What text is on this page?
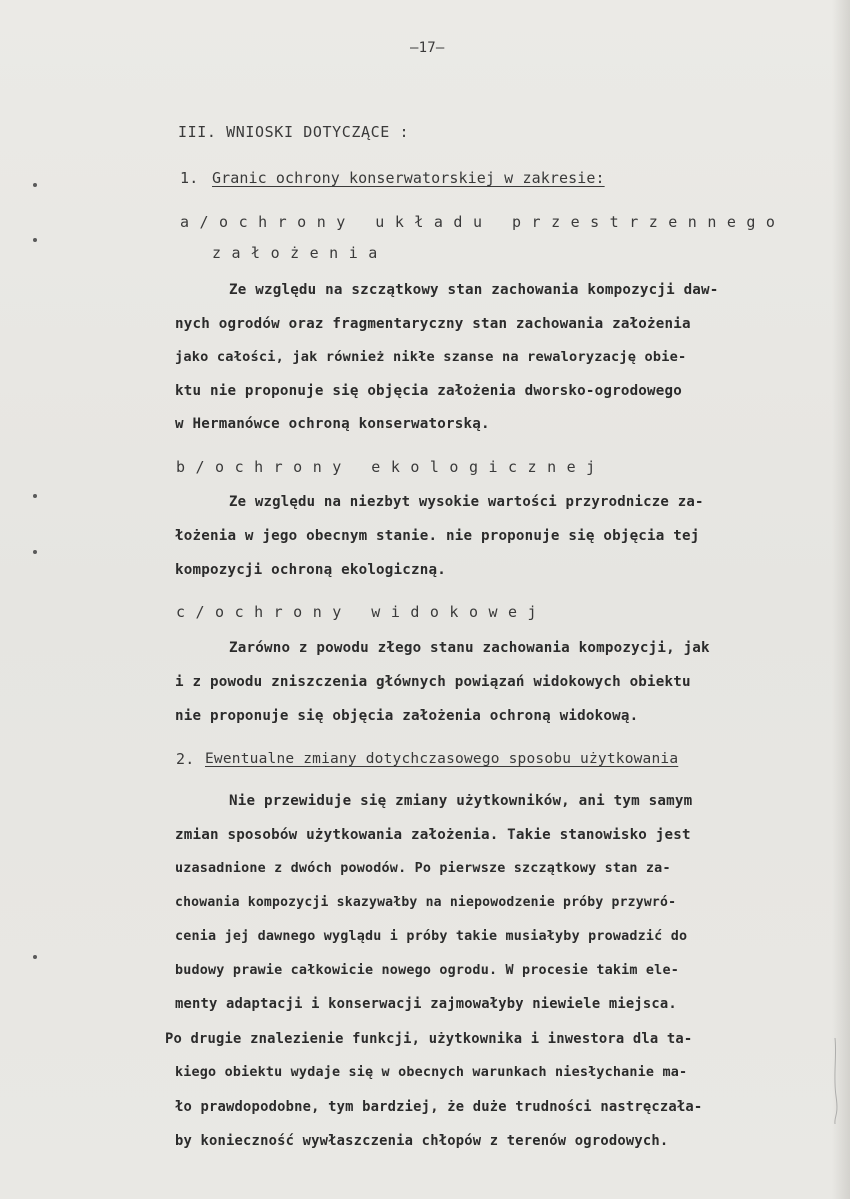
–17–
III. WNIOSKI DOTYCZĄCE :
1. Granic ochrony konserwatorskiej w zakresie:
a/ochrony układu przestrzennego
założenia
Ze względu na szczątkowy stan zachowania kompozycji daw-
nych ogrodów oraz fragmentaryczny stan zachowania założenia
jako całości, jak również nikłe szanse na rewaloryzację obie-
ktu nie proponuje się objęcia założenia dworsko-ogrodowego
w Hermanówce ochroną konserwatorską.
b/ochrony ekologicznej
Ze względu na niezbyt wysokie wartości przyrodnicze za-
łożenia w jego obecnym stanie. nie proponuje się objęcia tej
kompozycji ochroną ekologiczną.
c/ochrony widokowej
Zarówno z powodu złego stanu zachowania kompozycji, jak
i z powodu zniszczenia głównych powiązań widokowych obiektu
nie proponuje się objęcia założenia ochroną widokową.
2. Ewentualne zmiany dotychczasowego sposobu użytkowania
Nie przewiduje się zmiany użytkowników, ani tym samym
zmian sposobów użytkowania założenia. Takie stanowisko jest
uzasadnione z dwóch powodów. Po pierwsze szczątkowy stan za-
chowania kompozycji skazywałby na niepowodzenie próby przywró-
cenia jej dawnego wyglądu i próby takie musiałyby prowadzić do
budowy prawie całkowicie nowego ogrodu. W procesie takim ele-
menty adaptacji i konserwacji zajmowałyby niewiele miejsca.
Po drugie znalezienie funkcji, użytkownika i inwestora dla ta-
kiego obiektu wydaje się w obecnych warunkach niesłychanie ma-
ło prawdopodobne, tym bardziej, że duże trudności nastręczała-
by konieczność wywłaszczenia chłopów z terenów ogrodowych.
